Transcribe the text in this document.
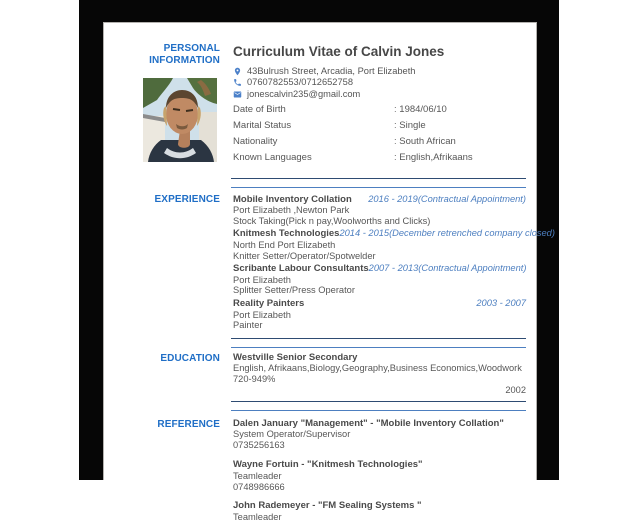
PERSONAL INFORMATION
Curriculum Vitae of Calvin Jones
43Bulrush Street, Arcadia, Port Elizabeth
0760782553/0712652758
jonescalvin235@gmail.com
Date of Birth	: 1984/06/10
Marital Status	: Single
Nationality	: South African
Known Languages	: English,Afrikaans
EXPERIENCE Mobile Inventory Collation 2016 - 2019(Contractual Appointment)
Port Elizabeth ,Newton Park
Stock Taking(Pick n pay,Woolworths and Clicks)
Knitmesh Technologies 2014 - 2015(December retrenched company closed)
North End Port Elizabeth
Knitter Setter/Operator/Spotwelder
Scribante Labour Consultants 2007 - 2013(Contractual Appointment)
Port Elizabeth
Splitter Setter/Press Operator
Reality Painters	2003 - 2007
Port Elizabeth
Painter
EDUCATION Westville Senior Secondary
English, Afrikaans,Biology,Geography,Business Economics,Woodwork
720-949%
2002
REFERENCE Dalen January "Management" - "Mobile Inventory Collation"
System Operator/Supervisor
0735256163
Wayne Fortuin - "Knitmesh Technologies"
Teamleader
0748986666
John Rademeyer - "FM Sealing Systems "
Teamleader
